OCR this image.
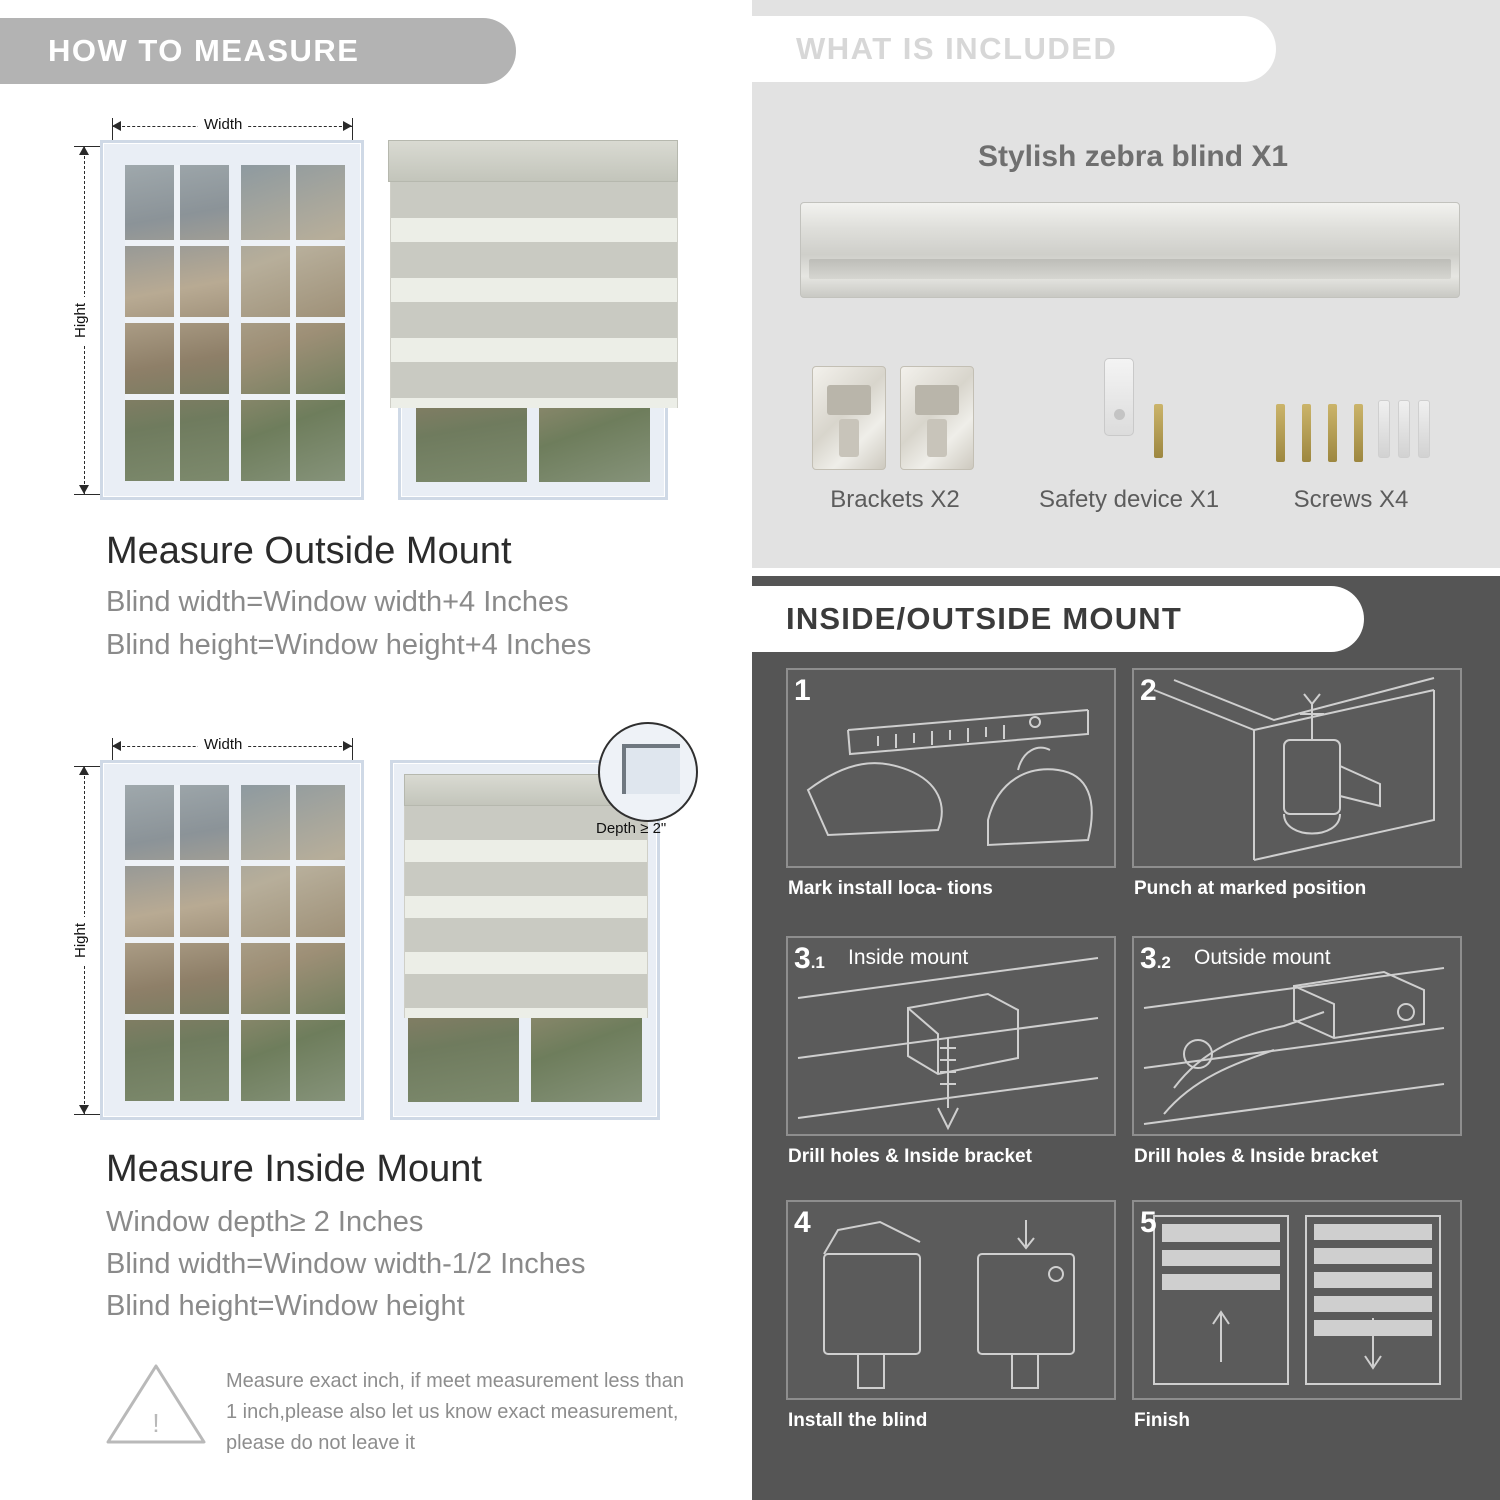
HOW TO MEASURE
Width
Hight
Measure Outside Mount
Blind width=Window width+4 Inches
Blind height=Window height+4 Inches
Width
Hight
Depth ≥ 2"
Measure Inside Mount
Window depth≥ 2 Inches
Blind width=Window width-1/2 Inches
Blind height=Window height
!
Measure exact inch, if meet measurement less than 1 inch,please also let us know exact measurement, please do not leave it
WHAT IS INCLUDED
Stylish zebra blind X1
Brackets X2	Safety device X1	Screws X4
INSIDE/OUTSIDE MOUNT
1
Mark install loca- tions
2
Punch at marked position
3.1 Inside mount
Drill holes & Inside bracket
3.2 Outside mount
Drill holes & Inside bracket
4
Install the blind
5
Finish
